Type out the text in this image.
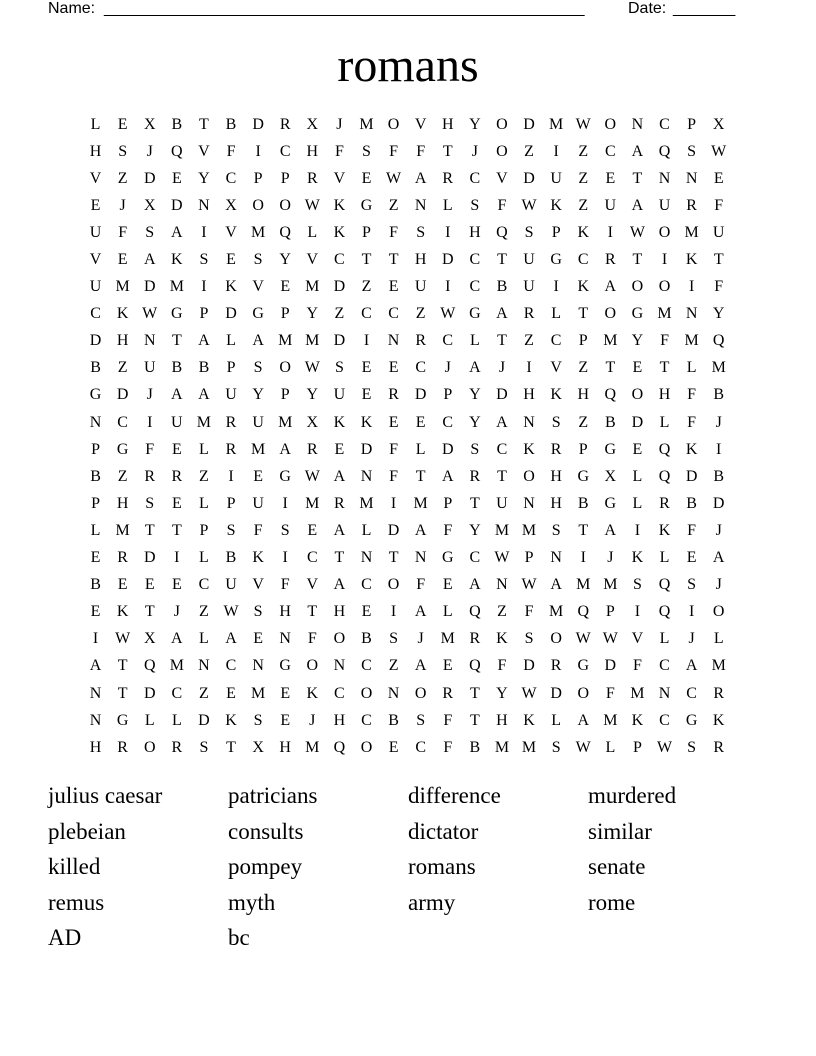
Name: ______________________________________________________	Date: _______
romans
L	E	X B	T	B D R X	J	M O V H Y O D M W O N C	P	X
H	S	J	Q V	F	I	C H	F	S	F	F	T	J	O	Z	I	Z	C A Q	S W
V	Z	D	E	Y C	P	P	R V	E W A R	C V D U	Z	E	T	N N	E
E	J	X D N X O O W K G	Z	N	L	S	F W K	Z	U A U R	F
U	F	S	A	I	V M Q	L	K	P	F	S	I	H Q	S	P	K	I	W O M U
V	E	A K	S	E	S	Y V C	T	T	H D C	T	U G C	R	T	I	K	T
U M D M	I	K V	E M D	Z	E	U	I	C	B U	I	K A O O	I	F
C K W G	P	D G	P	Y	Z	C	C	Z W G A R	L	T	O G M N Y
D H N	T	A	L	A M M D	I	N R	C	L	T	Z	C	P M Y	F M Q
B	Z	U B	B	P	S	O W S	E	E	C	J	A	J	I	V	Z	T	E	T	L M
G D	J	A A U Y	P	Y U	E	R D	P	Y D H K H Q O H	F	B
N C	I	U M R U M X K K	E	E	C Y A N	S	Z	B D	L	F	J
P	G	F	E	L	R M A R	E	D	F	L	D	S	C K R	P	G	E	Q K	I
B	Z	R	R	Z	I	E	G W A N	F	T	A R	T	O H G X	L	Q D B
P	H	S	E	L	P	U	I	M R M	I	M P	T	U N H B G	L	R	B D
L M T	T	P	S	F	S	E	A	L	D A	F	Y M M S	T	A	I	K	F	J
E	R D	I	L	B K	I	C	T	N	T	N G C W P	N	I	J	K	L	E	A
B	E	E	E	C U V	F	V A C O	F	E	A N W A M M S	Q	S	J
E	K	T	J	Z W S	H	T	H	E	I	A	L	Q	Z	F M Q	P	I	Q	I	O
I	W X A	L	A	E	N	F	O B	S	J	M R K	S	O W W V	L	J	L
A	T	Q M N C N G O N C	Z	A	E	Q	F	D R G D	F	C A M
N	T	D C	Z	E M E	K C O N O R	T	Y W D O	F M N C	R
N G	L	L	D K	S	E	J	H C	B	S	F	T	H K	L	A M K C G K
H R O R	S	T	X H M Q O	E	C	F	B M M S W L	P W S	R
julius caesar	patricians	difference	murdered
plebeian	consults	dictator	similar
killed	pompey	romans	senate
remus	myth	army	rome
AD	bc
